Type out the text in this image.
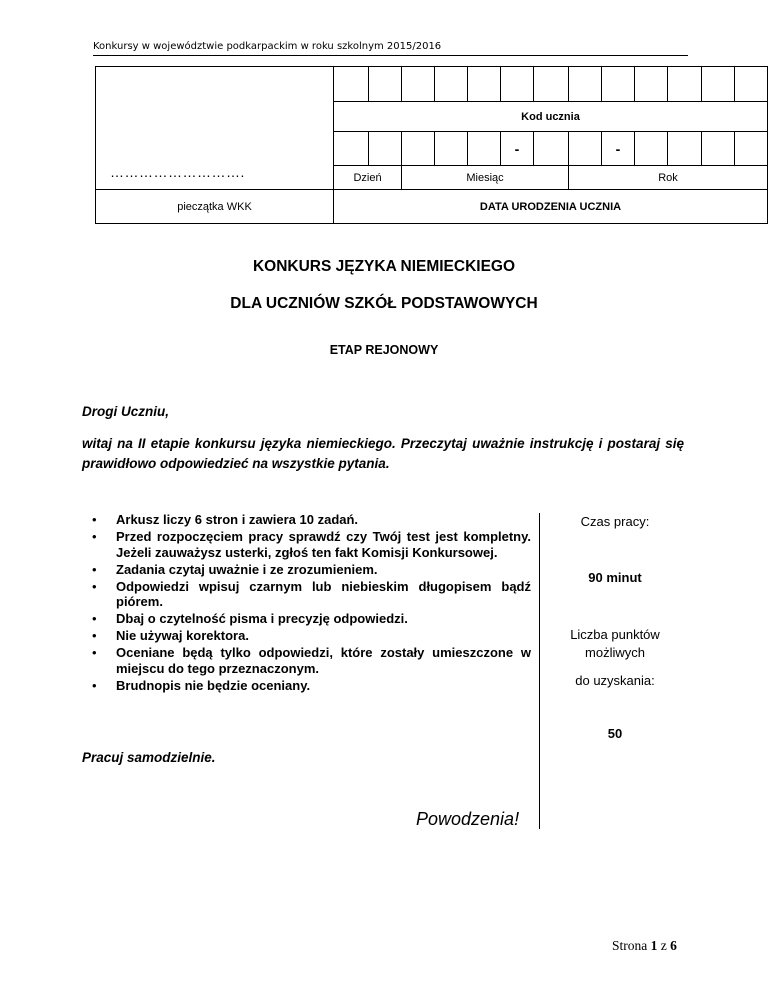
Konkursy w województwie podkarpackim w roku szkolnym 2015/2016

	Kod ucznia												
						-			-				
	Dzień		Miesiąc					Rok					
pieczątka WKK	DATA URODZENIA UCZNIA												
……………………….
KONKURS JĘZYKA NIEMIECKIEGO
DLA UCZNIÓW SZKÓŁ PODSTAWOWYCH
ETAP REJONOWY
Drogi Uczniu,
witaj na II etapie konkursu języka niemieckiego. Przeczytaj uważnie instrukcję i postaraj się prawidłowo odpowiedzieć na wszystkie pytania.
• Arkusz liczy 6 stron i zawiera 10 zadań.
• Przed rozpoczęciem pracy sprawdź czy Twój test jest kompletny. Jeżeli zauważysz usterki, zgłoś ten fakt Komisji Konkursowej.
• Zadania czytaj uważnie i ze zrozumieniem.
• Odpowiedzi wpisuj czarnym lub niebieskim długopisem bądź piórem.
• Dbaj o czytelność pisma i precyzję odpowiedzi.
• Nie używaj korektora.
• Oceniane będą tylko odpowiedzi, które zostały umieszczone w miejscu do tego przeznaczonym.
• Brudnopis nie będzie oceniany.
Czas pracy:
90 minut
Liczba punktów
możliwych
do uzyskania:
50
Pracuj samodzielnie.
Powodzenia!
Strona 1 z 6
